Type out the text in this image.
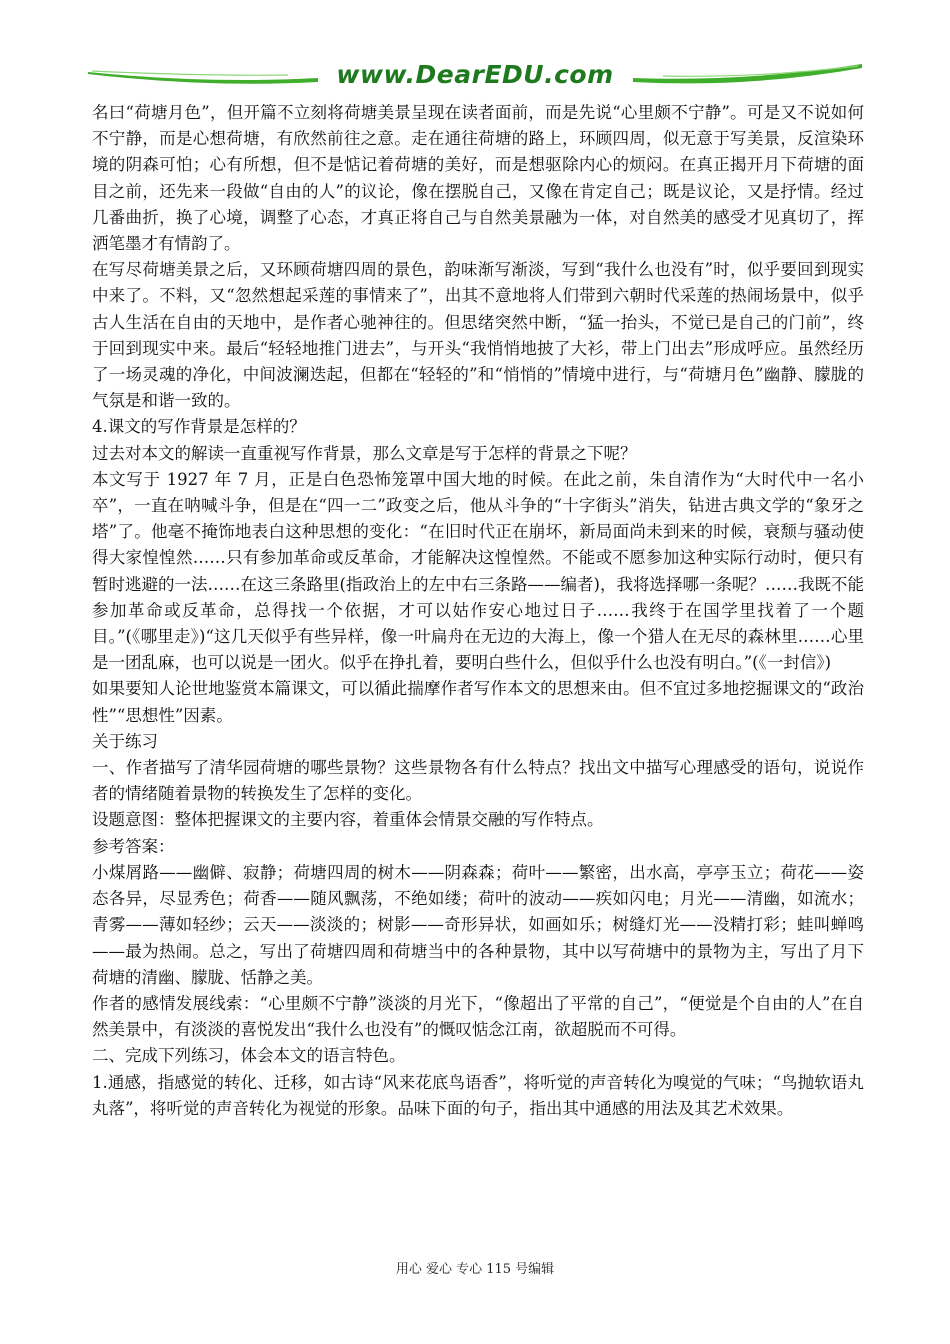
www.DearEDU.com

名曰“荷塘月色”，但开篇不立刻将荷塘美景呈现在读者面前，而是先说“心里颇不宁静”。可是又不说如何不宁静，而是心想荷塘，有欣然前往之意。走在通往荷塘的路上，环顾四周，似无意于写美景，反渲染环境的阴森可怕；心有所想，但不是惦记着荷塘的美好，而是想驱除内心的烦闷。在真正揭开月下荷塘的面目之前，还先来一段做“自由的人”的议论，像在摆脱自己，又像在肯定自己；既是议论，又是抒情。经过几番曲折，换了心境，调整了心态，才真正将自己与自然美景融为一体，对自然美的感受才见真切了，挥洒笔墨才有情韵了。

在写尽荷塘美景之后，又环顾荷塘四周的景色，韵味渐写渐淡，写到“我什么也没有”时，似乎要回到现实中来了。不料，又“忽然想起采莲的事情来了”，出其不意地将人们带到六朝时代采莲的热闹场景中，似乎古人生活在自由的天地中，是作者心驰神往的。但思绪突然中断，“猛一抬头，不觉已是自己的门前”，终于回到现实中来。最后“轻轻地推门进去”，与开头“我悄悄地披了大衫，带上门出去”形成呼应。虽然经历了一场灵魂的净化，中间波澜迭起，但都在“轻轻的”和“悄悄的”情境中进行，与“荷塘月色”幽静、朦胧的气氛是和谐一致的。

4.课文的写作背景是怎样的？

过去对本文的解读一直重视写作背景，那么文章是写于怎样的背景之下呢？

本文写于 1927 年 7 月，正是白色恐怖笼罩中国大地的时候。在此之前，朱自清作为“大时代中一名小卒”，一直在呐喊斗争，但是在“四一二”政变之后，他从斗争的“十字街头”消失，钻进古典文学的“象牙之塔”了。他毫不掩饰地表白这种思想的变化：“在旧时代正在崩坏，新局面尚未到来的时候，衰颓与骚动使得大家惶惶然……只有参加革命或反革命，才能解决这惶惶然。不能或不愿参加这种实际行动时，便只有暂时逃避的一法……在这三条路里(指政治上的左中右三条路——编者)，我将选择哪一条呢？……我既不能参加革命或反革命，总得找一个依据，才可以姑作安心地过日子……我终于在国学里找着了一个题目。”(《哪里走》)“这几天似乎有些异样，像一叶扁舟在无边的大海上，像一个猎人在无尽的森林里……心里是一团乱麻，也可以说是一团火。似乎在挣扎着，要明白些什么，但似乎什么也没有明白。”(《一封信》)

如果要知人论世地鉴赏本篇课文，可以循此揣摩作者写作本文的思想来由。但不宜过多地挖掘课文的“政治性”“思想性”因素。

关于练习

一、作者描写了清华园荷塘的哪些景物？这些景物各有什么特点？找出文中描写心理感受的语句，说说作者的情绪随着景物的转换发生了怎样的变化。

设题意图：整体把握课文的主要内容，着重体会情景交融的写作特点。

参考答案：

小煤屑路——幽僻、寂静；荷塘四周的树木——阴森森；荷叶——繁密，出水高，亭亭玉立；荷花——姿态各异，尽显秀色；荷香——随风飘荡，不绝如缕；荷叶的波动——疾如闪电；月光——清幽，如流水；青雾——薄如轻纱；云天——淡淡的；树影——奇形异状，如画如乐；树缝灯光——没精打彩；蛙叫蝉鸣——最为热闹。总之，写出了荷塘四周和荷塘当中的各种景物，其中以写荷塘中的景物为主，写出了月下荷塘的清幽、朦胧、恬静之美。

作者的感情发展线索：“心里颇不宁静”淡淡的月光下，“像超出了平常的自己”，“便觉是个自由的人”在自然美景中，有淡淡的喜悦发出“我什么也没有”的慨叹惦念江南，欲超脱而不可得。

二、完成下列练习，体会本文的语言特色。

1.通感，指感觉的转化、迁移，如古诗“风来花底鸟语香”，将听觉的声音转化为嗅觉的气味；“鸟抛软语丸丸落”，将听觉的声音转化为视觉的形象。品味下面的句子，指出其中通感的用法及其艺术效果。

用心 爱心 专心 115 号编辑
